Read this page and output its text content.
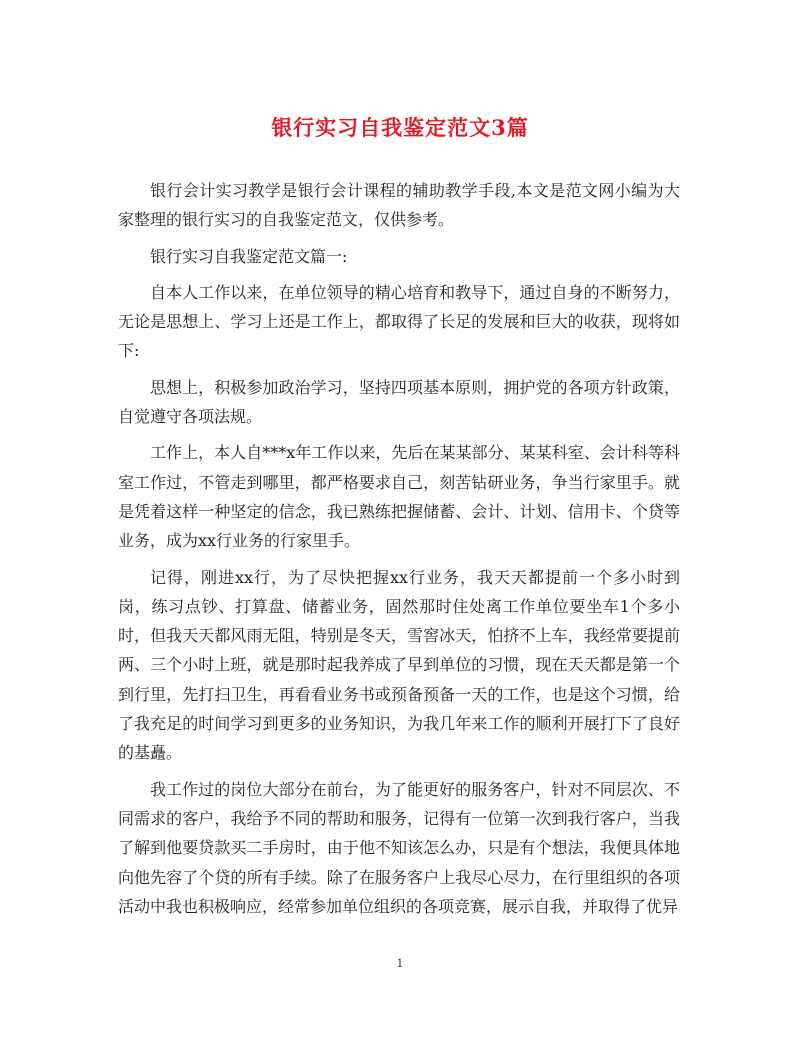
银行实习自我鉴定范文3篇

银行会计实习教学是银行会计课程的辅助教学手段,本文是范文网小编为大家整理的银行实习的自我鉴定范文，仅供参考。

银行实习自我鉴定范文篇一:

自本人工作以来，在单位领导的精心培育和教导下，通过自身的不断努力，无论是思想上、学习上还是工作上，都取得了长足的发展和巨大的收获，现将如下:

思想上，积极参加政治学习，坚持四项基本原则，拥护党的各项方针政策，自觉遵守各项法规。

工作上，本人自***x年工作以来，先后在某某部分、某某科室、会计科等科室工作过，不管走到哪里，都严格要求自己，刻苦钻研业务，争当行家里手。就是凭着这样一种坚定的信念，我已熟练把握储蓄、会计、计划、信用卡、个贷等业务，成为xx行业务的行家里手。

记得，刚进xx行，为了尽快把握xx行业务，我天天都提前一个多小时到岗，练习点钞、打算盘、储蓄业务，固然那时住处离工作单位要坐车1个多小时，但我天天都风雨无阻，特别是冬天，雪窖冰天，怕挤不上车，我经常要提前两、三个小时上班，就是那时起我养成了早到单位的习惯，现在天天都是第一个到行里，先打扫卫生，再看看业务书或预备预备一天的工作，也是这个习惯，给了我充足的时间学习到更多的业务知识，为我几年来工作的顺利开展打下了良好的基矗。

我工作过的岗位大部分在前台，为了能更好的服务客户，针对不同层次、不同需求的客户，我给予不同的帮助和服务，记得有一位第一次到我行客户，当我了解到他要贷款买二手房时，由于他不知该怎么办，只是有个想法，我便具体地向他先容了个贷的所有手续。除了在服务客户上我尽心尽力，在行里组织的各项活动中我也积极响应，经常参加单位组织的各项竞赛，展示自我，并取得了优异

1
